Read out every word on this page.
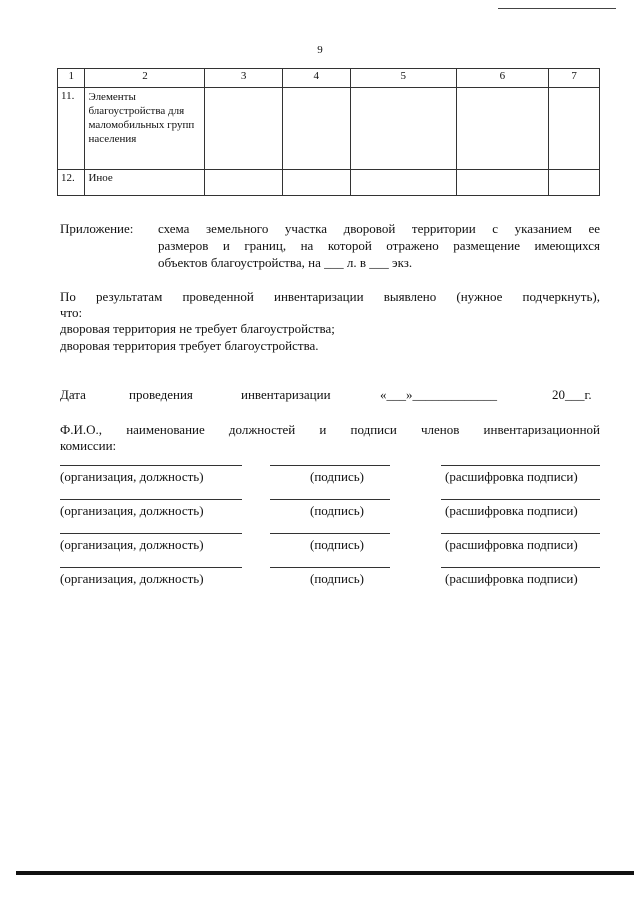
9
1	2	3	4	5	6	7
11.	Элементы благоустройства для маломобильных групп населения					
12.	Иное					
Приложение: схема земельного участка дворовой территории с указанием ее
размеров и границ, на которой отражено размещение имеющихся
объектов благоустройства, на ___ л. в ___ экз.
По результатам проведенной инвентаризации выявлено (нужное подчеркнуть),
что:
дворовая территория не требует благоустройства;
дворовая территория требует благоустройства.
Дата	проведения	инвентаризации	«___»_____________	20___г.
Ф.И.О., наименование должностей и подписи членов инвентаризационной
комиссии:
(организация, должность)	(подпись)	(расшифровка подписи)
(организация, должность)	(подпись)	(расшифровка подписи)
(организация, должность)	(подпись)	(расшифровка подписи)
(организация, должность)	(подпись)	(расшифровка подписи)
